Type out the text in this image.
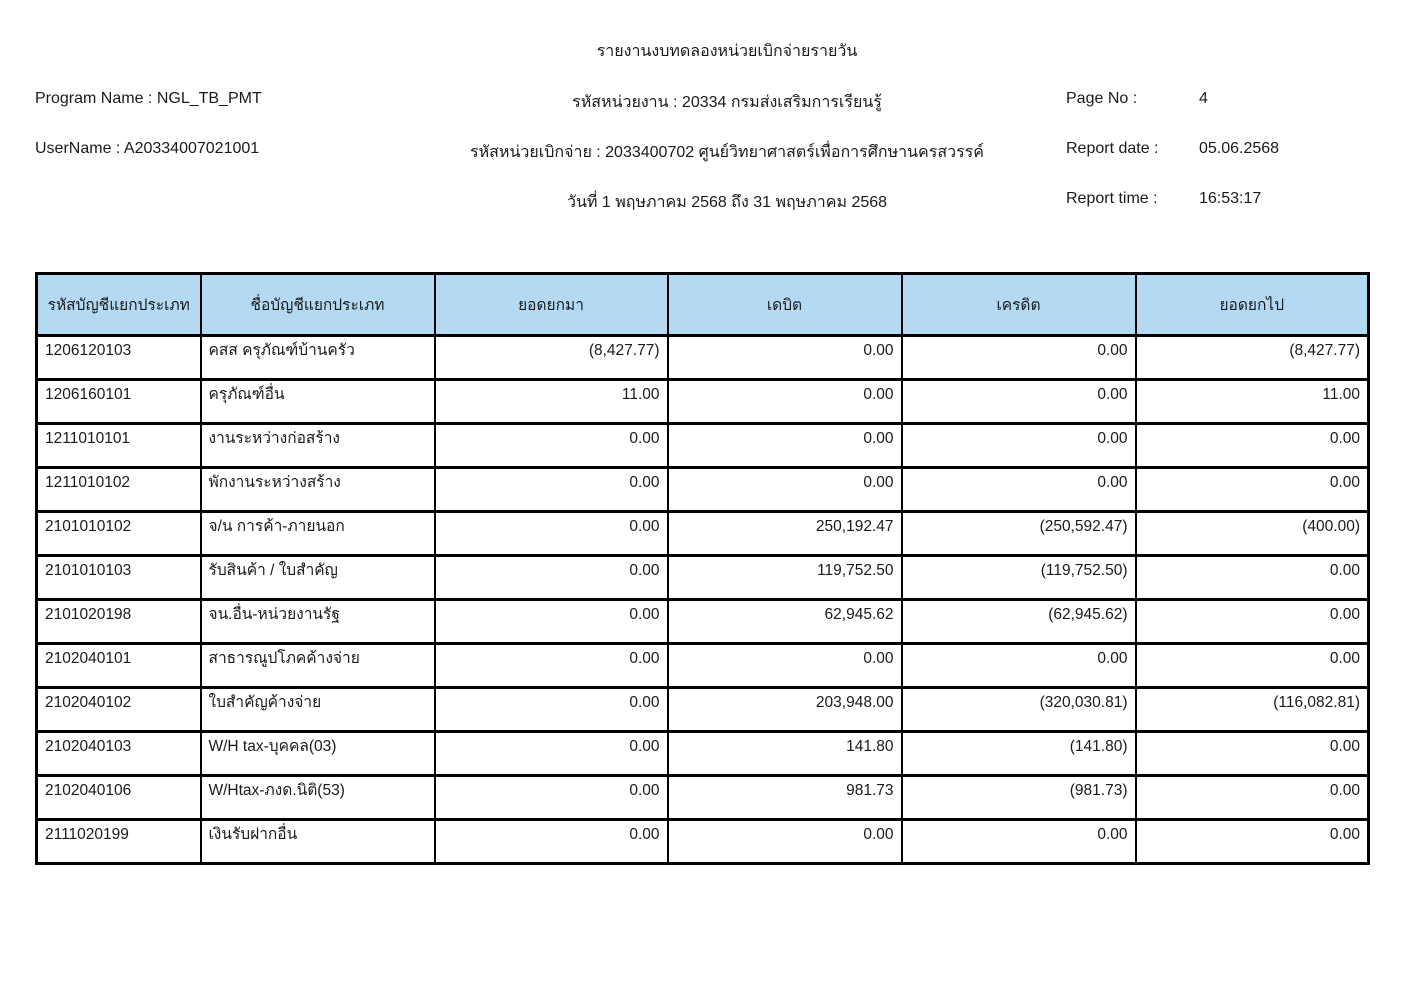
รายงานงบทดลองหน่วยเบิกจ่ายรายวัน
Program Name : NGL_TB_PMT	รหัสหน่วยงาน : 20334 กรมส่งเสริมการเรียนรู้	Page No :	4
UserName : A20334007021001	รหัสหน่วยเบิกจ่าย : 2033400702 ศูนย์วิทยาศาสตร์เพื่อการศึกษานครสวรรค์	Report date :	05.06.2568
วันที่ 1 พฤษภาคม 2568 ถึง 31 พฤษภาคม 2568	Report time :	16:53:17
รหัสบัญชีแยกประเภท	ชื่อบัญชีแยกประเภท	ยอดยกมา	เดบิต	เครดิต	ยอดยกไป
1206120103	คสส ครุภัณฑ์บ้านครัว	(8,427.77)	0.00	0.00	(8,427.77)
1206160101	ครุภัณฑ์อื่น	11.00	0.00	0.00	11.00
1211010101	งานระหว่างก่อสร้าง	0.00	0.00	0.00	0.00
1211010102	พักงานระหว่างสร้าง	0.00	0.00	0.00	0.00
2101010102	จ/น การค้า-ภายนอก	0.00	250,192.47	(250,592.47)	(400.00)
2101010103	รับสินค้า / ใบสำคัญ	0.00	119,752.50	(119,752.50)	0.00
2101020198	จน.อื่น-หน่วยงานรัฐ	0.00	62,945.62	(62,945.62)	0.00
2102040101	สาธารณูปโภคค้างจ่าย	0.00	0.00	0.00	0.00
2102040102	ใบสำคัญค้างจ่าย	0.00	203,948.00	(320,030.81)	(116,082.81)
2102040103	W/H tax-บุคคล(03)	0.00	141.80	(141.80)	0.00
2102040106	W/Htax-ภงด.นิติ(53)	0.00	981.73	(981.73)	0.00
2111020199	เงินรับฝากอื่น	0.00	0.00	0.00	0.00
